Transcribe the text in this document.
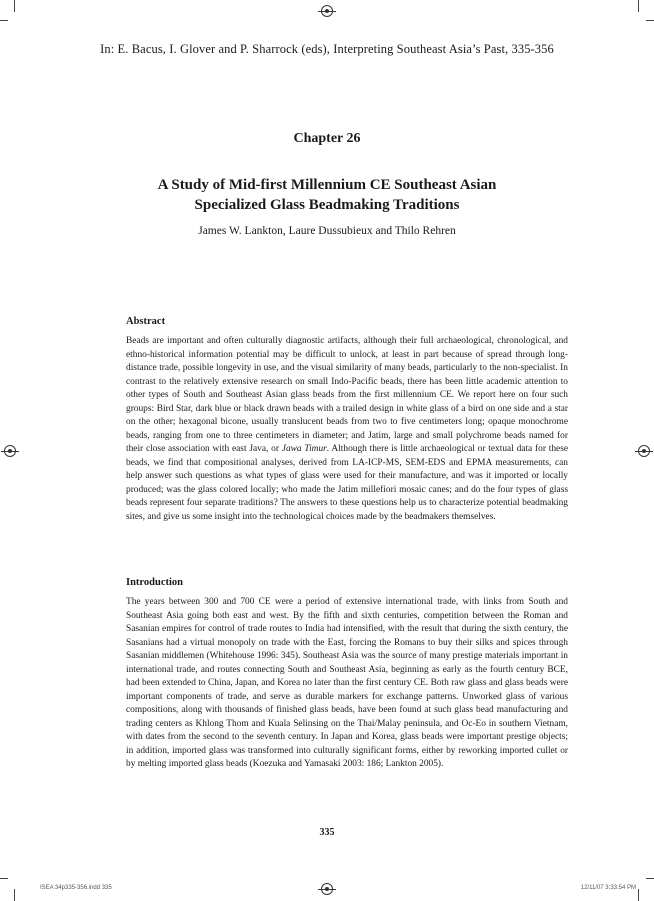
In: E. Bacus, I. Glover and P. Sharrock (eds), Interpreting Southeast Asia’s Past, 335-356
Chapter 26
A Study of Mid-first Millennium CE Southeast Asian
Specialized Glass Beadmaking Traditions
James W. Lankton, Laure Dussubieux and Thilo Rehren
Abstract
Beads are important and often culturally diagnostic artifacts, although their full archaeological, chronological, and ethno-historical information potential may be difficult to unlock, at least in part because of spread through long-distance trade, possible longevity in use, and the visual similarity of many beads, particularly to the non-specialist. In contrast to the relatively extensive research on small Indo-Pacific beads, there has been little academic attention to other types of South and Southeast Asian glass beads from the first millennium CE. We report here on four such groups: Bird Star, dark blue or black drawn beads with a trailed design in white glass of a bird on one side and a star on the other; hexagonal bicone, usually translucent beads from two to five centimeters long; opaque monochrome beads, ranging from one to three centimeters in diameter; and Jatim, large and small polychrome beads named for their close association with east Java, or Jawa Timur. Although there is little archaeological or textual data for these beads, we find that compositional analyses, derived from LA-ICP-MS, SEM-EDS and EPMA measurements, can help answer such questions as what types of glass were used for their manufacture, and was it imported or locally produced; was the glass colored locally; who made the Jatim millefiori mosaic canes; and do the four types of glass beads represent four separate traditions? The answers to these questions help us to characterize potential beadmaking sites, and give us some insight into the technological choices made by the beadmakers themselves.
Introduction
The years between 300 and 700 CE were a period of extensive international trade, with links from South and Southeast Asia going both east and west. By the fifth and sixth centuries, competition between the Roman and Sasanian empires for control of trade routes to India had intensified, with the result that during the sixth century, the Sasanians had a virtual monopoly on trade with the East, forcing the Romans to buy their silks and spices through Sasanian middlemen (Whitehouse 1996: 345). Southeast Asia was the source of many prestige materials important in international trade, and routes connecting South and Southeast Asia, beginning as early as the fourth century BCE, had been extended to China, Japan, and Korea no later than the first century CE. Both raw glass and glass beads were important components of trade, and serve as durable markers for exchange patterns. Unworked glass of various compositions, along with thousands of finished glass beads, have been found at such glass bead manufacturing and trading centers as Khlong Thom and Kuala Selinsing on the Thai/Malay peninsula, and Oc-Eo in southern Vietnam, with dates from the second to the seventh century. In Japan and Korea, glass beads were important prestige objects; in addition, imported glass was transformed into culturally significant forms, either by reworking imported cullet or by melting imported glass beads (Koezuka and Yamasaki 2003: 186; Lankton 2005).
335
ISEA 34p335-356.indd 335	12/11/07 3:33:54 PM
